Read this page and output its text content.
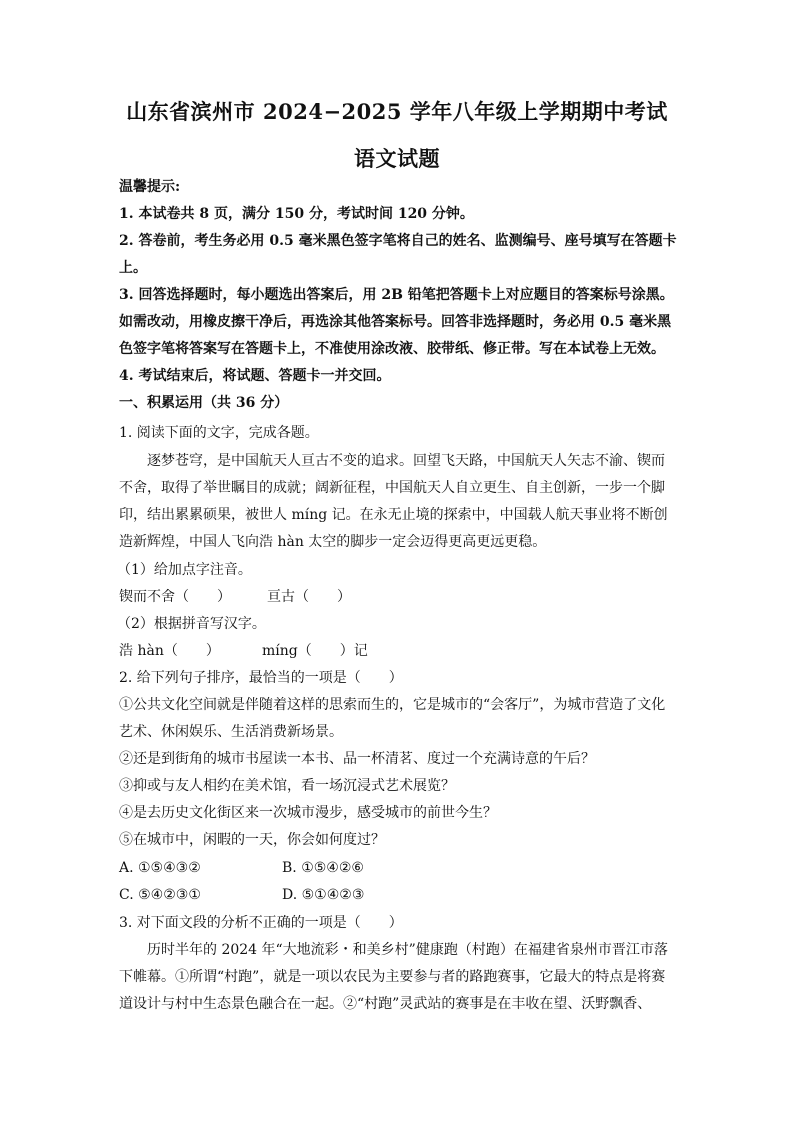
山东省滨州市 2024−2025 学年八年级上学期期中考试
语文试题
温馨提示:
1. 本试卷共 8 页，满分 150 分，考试时间 120 分钟。
2. 答卷前，考生务必用 0.5 毫米黑色签字笔将自己的姓名、监测编号、座号填写在答题卡
上。
3. 回答选择题时，每小题选出答案后，用 2B 铅笔把答题卡上对应题目的答案标号涂黑。
如需改动，用橡皮擦干净后，再选涂其他答案标号。回答非选择题时，务必用 0.5 毫米黑
色签字笔将答案写在答题卡上，不准使用涂改液、胶带纸、修正带。写在本试卷上无效。
4. 考试结束后，将试题、答题卡一并交回。
一、积累运用（共 36 分）
1. 阅读下面的文字，完成各题。
逐梦苍穹，是中国航天人亘古不变的追求。回望飞天路，中国航天人矢志不渝、锲而
不舍，取得了举世瞩目的成就；阔新征程，中国航天人自立更生、自主创新，一步一个脚
印，结出累累硕果，被世人 míng 记。在永无止境的探索中，中国载人航天事业将不断创
造新辉煌，中国人飞向浩 hàn 太空的脚步一定会迈得更高更远更稳。
（1）给加点字注音。
锲而不舍（　　）	亘古（　　）
（2）根据拼音写汉字。
浩 hàn（　　）	míng（　　）记
2. 给下列句子排序，最恰当的一项是（　　）
①公共文化空间就是伴随着这样的思索而生的，它是城市的“会客厅”，为城市营造了文化
艺术、休闲娱乐、生活消费新场景。
②还是到街角的城市书屋读一本书、品一杯清茗、度过一个充满诗意的午后？
③抑或与友人相约在美术馆，看一场沉浸式艺术展览？
④是去历史文化街区来一次城市漫步，感受城市的前世今生？
⑤在城市中，闲暇的一天，你会如何度过？
A. ①⑤④③②	B. ①⑤④②⑥
C. ⑤④②③①	D. ⑤①④②③
3. 对下面文段的分析不正确的一项是（　　）
历时半年的 2024 年“大地流彩・和美乡村”健康跑（村跑）在福建省泉州市晋江市落
下帷幕。①所谓“村跑”，就是一项以农民为主要参与者的路跑赛事，它最大的特点是将赛
道设计与村中生态景色融合在一起。②“村跑”灵武站的赛事是在丰收在望、沃野飘香、
